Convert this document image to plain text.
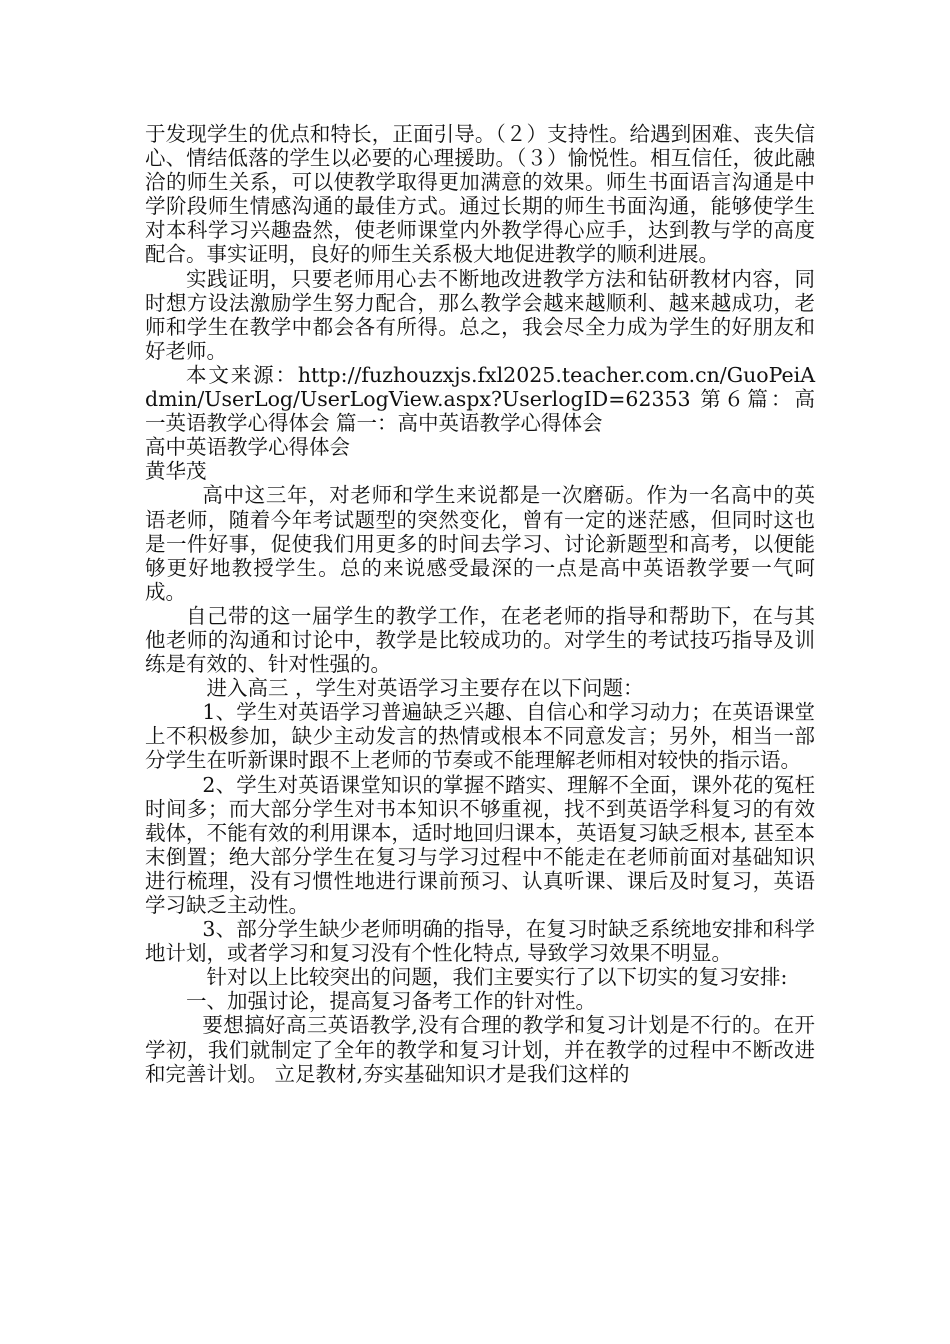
于发现学生的优点和特长，正面引导。（２）支持性。给遇到困难、丧失信心、情结低落的学生以必要的心理援助。（３）愉悦性。相互信任，彼此融洽的师生关系，可以使教学取得更加满意的效果。师生书面语言沟通是中学阶段师生情感沟通的最佳方式。通过长期的师生书面沟通，能够使学生对本科学习兴趣盎然，使老师课堂内外教学得心应手，达到教与学的高度配合。事实证明，良好的师生关系极大地促进教学的顺利进展。

实践证明，只要老师用心去不断地改进教学方法和钻研教材内容，同时想方设法激励学生努力配合，那么教学会越来越顺利、越来越成功，老师和学生在教学中都会各有所得。总之，我会尽全力成为学生的好朋友和好老师。

本文来源：http://fuzhouzxjs.fxl2025.teacher.com.cn/GuoPeiAdmin/UserLog/UserLogView.aspx?UserlogID=62353 第６篇：高一英语教学心得体会 篇一：高中英语教学心得体会

高中英语教学心得体会

黄华茂

高中这三年，对老师和学生来说都是一次磨砺。作为一名高中的英语老师，随着今年考试题型的突然变化，曾有一定的迷茫感，但同时这也是一件好事，促使我们用更多的时间去学习、讨论新题型和高考，以便能够更好地教授学生。总的来说感受最深的一点是高中英语教学要一气呵成。

自己带的这一届学生的教学工作，在老老师的指导和帮助下，在与其他老师的沟通和讨论中，教学是比较成功的。对学生的考试技巧指导及训练是有效的、针对性强的。

进入高三 ，学生对英语学习主要存在以下问题：

1、学生对英语学习普遍缺乏兴趣、自信心和学习动力；在英语课堂上不积极参加，缺少主动发言的热情或根本不同意发言；另外，相当一部分学生在听新课时跟不上老师的节奏或不能理解老师相对较快的指示语。

2、学生对英语课堂知识的掌握不踏实、理解不全面，课外花的冤枉时间多；而大部分学生对书本知识不够重视，找不到英语学科复习的有效载体，不能有效的利用课本，适时地回归课本，英语复习缺乏根本, 甚至本末倒置；绝大部分学生在复习与学习过程中不能走在老师前面对基础知识进行梳理，没有习惯性地进行课前预习、认真听课、课后及时复习，英语学习缺乏主动性。

3、部分学生缺少老师明确的指导，在复习时缺乏系统地安排和科学地计划，或者学习和复习没有个性化特点, 导致学习效果不明显。

针对以上比较突出的问题，我们主要实行了以下切实的复习安排:

一、加强讨论，提高复习备考工作的针对性。

要想搞好高三英语教学,没有合理的教学和复习计划是不行的。在开学初，我们就制定了全年的教学和复习计划，并在教学的过程中不断改进和完善计划。 立足教材,夯实基础知识才是我们这样的
